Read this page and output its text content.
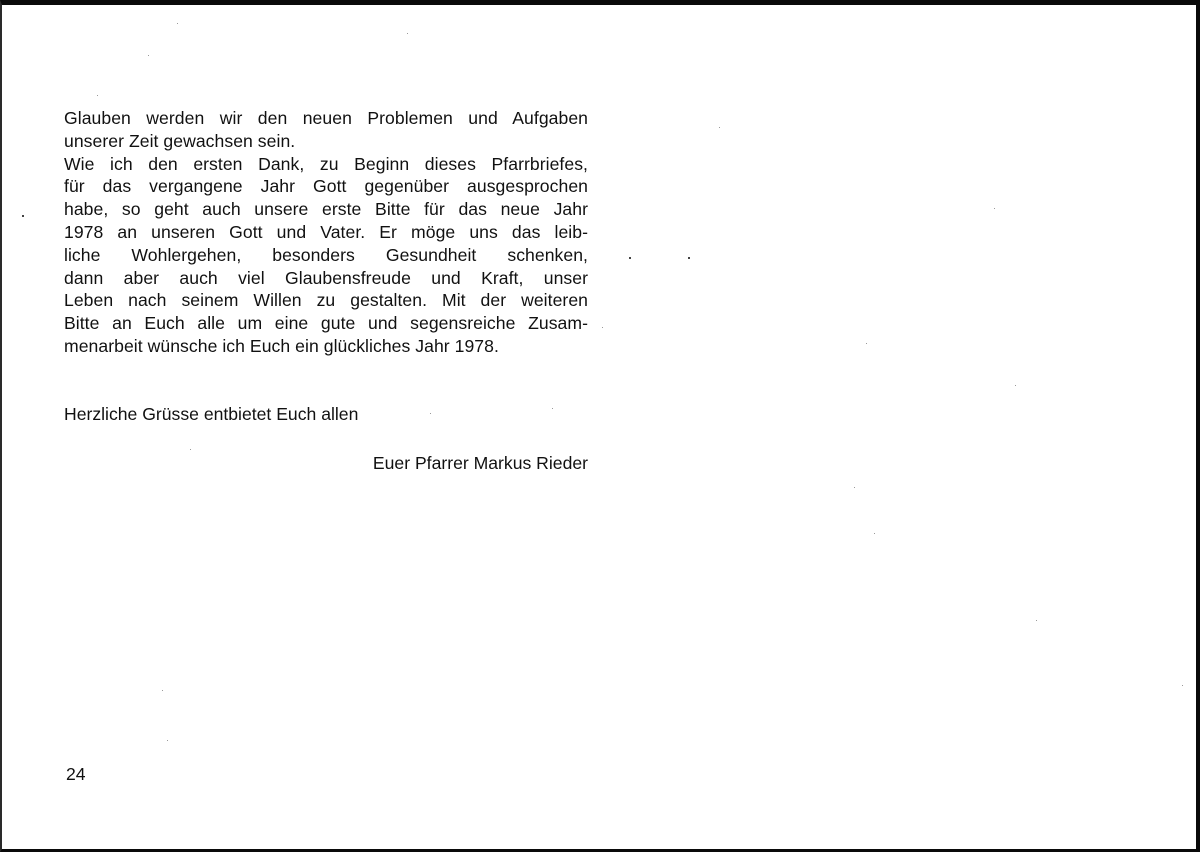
Glauben werden wir den neuen Problemen und Aufgaben
unserer Zeit gewachsen sein.
Wie ich den ersten Dank, zu Beginn dieses Pfarrbriefes,
für das vergangene Jahr Gott gegenüber ausgesprochen
habe, so geht auch unsere erste Bitte für das neue Jahr
1978 an unseren Gott und Vater. Er möge uns das leib-
liche Wohlergehen, besonders Gesundheit schenken,
dann aber auch viel Glaubensfreude und Kraft, unser
Leben nach seinem Willen zu gestalten. Mit der weiteren
Bitte an Euch alle um eine gute und segensreiche Zusam-
menarbeit wünsche ich Euch ein glückliches Jahr 1978.
Herzliche Grüsse entbietet Euch allen
Euer Pfarrer Markus Rieder
24
